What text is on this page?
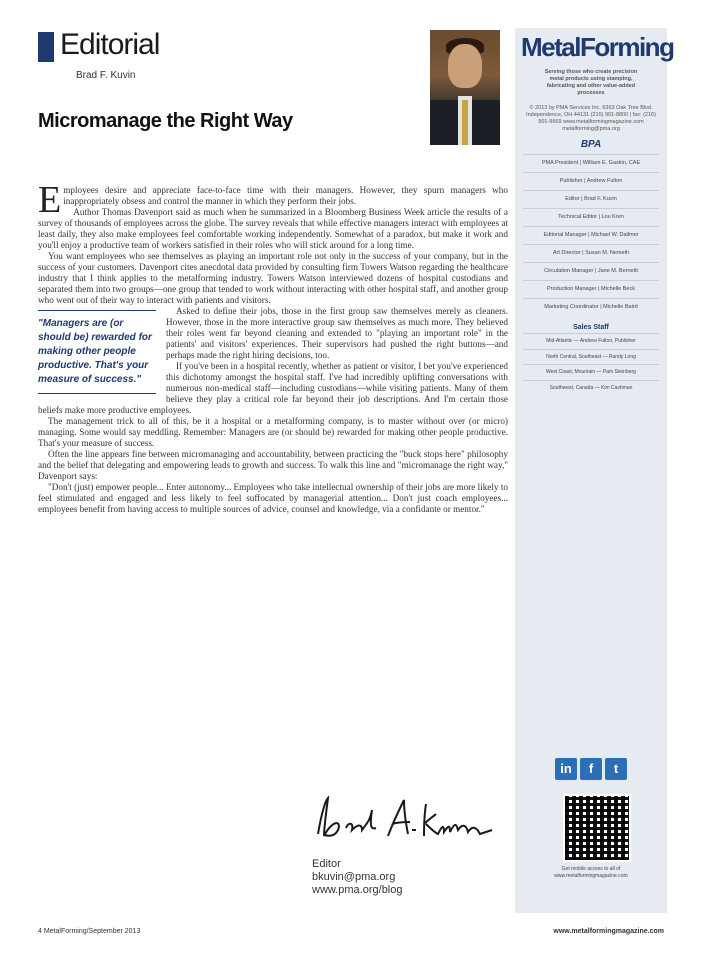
Editorial
Brad F. Kuvin
Micromanage the Right Way

Employees desire and appreciate face-to-face time with their managers. However, they spurn managers who inappropriately obsess and control the manner in which they perform their jobs.

Author Thomas Davenport said as much when he summarized in a Bloomberg Business Week article the results of a survey of thousands of employees across the globe. The survey reveals that while effective managers interact with employees at least daily, they also make employees feel comfortable working independently. Somewhat of a paradox, but make it work and you'll enjoy a productive team of workers satisfied in their roles who will stick around for a long time.

You want employees who see themselves as playing an important role not only in the success of your company, but in the success of your customers. Davenport cites anecdotal data provided by consulting firm Towers Watson regarding the healthcare industry that I think applies to the metalforming industry. Towers Watson interviewed dozens of hospital custodians and separated them into two groups—one group that tended to work without interacting with other hospital staff, and another group who went out of their way to interact with patients and visitors.

"Managers are (or should be) rewarded for making other people productive. That's your measure of success."

Asked to define their jobs, those in the first group saw themselves merely as cleaners. However, those in the more interactive group saw themselves as much more. They believed their roles went far beyond cleaning and extended to "playing an important role" in the patients' and visitors' experiences. Their supervisors had pushed the right buttons—and perhaps made the right hiring decisions, too.

If you've been in a hospital recently, whether as patient or visitor, I bet you've experienced this dichotomy amongst the hospital staff. I've had incredibly uplifting conversations with numerous non-medical staff—including custodians—while visiting patients. Many of them believe they play a critical role far beyond their job descriptions. And I'm certain those beliefs make more productive employees.

The management trick to all of this, be it a hospital or a metalforming company, is to master without over (or micro) managing. Some would say meddling. Remember: Managers are (or should be) rewarded for making other people productive. That's your measure of success.

Often the line appears fine between micromanaging and accountability, between practicing the "buck stops here" philosophy and the belief that delegating and empowering leads to growth and success. To walk this line and "micromanage the right way," Davenport says:

"Don't (just) empower people... Enter autonomy... Employees who take intellectual ownership of their jobs are more likely to feel stimulated and engaged and less likely to feel suffocated by managerial attention... Don't just coach employees... employees benefit from having access to multiple sources of advice, counsel and knowledge, via a confidante or mentor."

Editor
bkuvin@pma.org
www.pma.org/blog
4 MetalForming/September 2013	www.metalformingmagazine.com
MetalForming
Serving those who create precision metal products using stamping, fabricating and other value-added processes
© 2013 by PMA Services Inc. 6363 Oak Tree Blvd. Independence, OH 44131 (216) 901-8800 | fax: (216) 901-9669 www.metalformingmagazine.com metalforming@pma.org
BPA
PMA President | William E. Gaskin, CAE
Publisher | Andrew Fulton
Editor | Brad F. Kuvin
Technical Editor | Lou Kren
Editorial Manager | Michael W. Dallmer
Art Director | Susan M. Nemeth
Circulation Manager | Jane M. Bernetti
Production Manager | Michelle Beck
Marketing Coordinator | Michelle Baird
Sales Staff
Mid-Atlantic — Andrew Fulton, Publisher
North Central, Southeast — Randy Long
West Coast, Mountain — Pam Steinberg
Southwest, Canada — Kim Cashman
in f t
Get mobile access to all of www.metalformingmagazine.com
